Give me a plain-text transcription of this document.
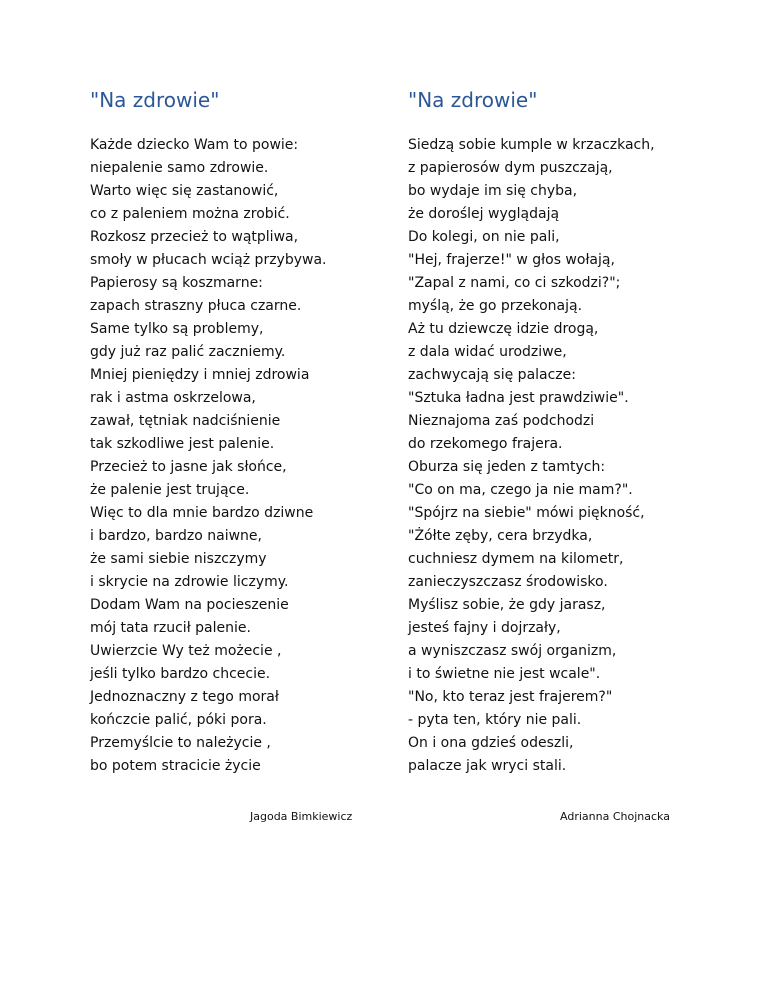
"Na zdrowie"
Każde dziecko Wam to powie:
niepalenie samo zdrowie.
Warto więc się zastanowić,
co z paleniem można zrobić.
Rozkosz przecież to wątpliwa,
smoły w płucach wciąż przybywa.
Papierosy są koszmarne:
zapach straszny płuca czarne.
Same tylko są problemy,
gdy już raz palić zaczniemy.
Mniej pieniędzy i mniej zdrowia
rak i astma oskrzelowa,
zawał, tętniak nadciśnienie
tak szkodliwe jest palenie.
Przecież to jasne jak słońce,
że palenie jest trujące.
Więc to dla mnie bardzo dziwne
i bardzo, bardzo naiwne,
że sami siebie niszczymy
i skrycie na zdrowie liczymy.
Dodam Wam na pocieszenie
mój tata rzucił palenie.
Uwierzcie Wy też możecie ,
jeśli tylko bardzo chcecie.
Jednoznaczny z tego morał
kończcie palić, póki pora.
Przemyślcie to należycie ,
bo potem stracicie życie
"Na zdrowie"
Siedzą sobie kumple w krzaczkach,
z papierosów dym puszczają,
bo wydaje im się chyba,
że doroślej wyglądają
Do kolegi, on nie pali,
"Hej, frajerze!" w głos wołają,
"Zapal z nami, co ci szkodzi?";
myślą, że go przekonają.
Aż tu dziewczę idzie drogą,
z dala widać urodziwe,
zachwycają się palacze:
"Sztuka ładna jest prawdziwie".
Nieznajoma zaś podchodzi
do rzekomego frajera.
Oburza się jeden z tamtych:
"Co on ma, czego ja nie mam?".
"Spójrz na siebie" mówi piękność,
"Żółte zęby, cera brzydka,
cuchniesz dymem na kilometr,
zanieczyszczasz środowisko.
Myślisz sobie, że gdy jarasz,
jesteś fajny i dojrzały,
a wyniszczasz swój organizm,
i to świetne nie jest wcale".
"No, kto teraz jest frajerem?"
- pyta ten, który nie pali.
On i ona gdzieś odeszli,
palacze jak wryci stali.
Jagoda Bimkiewicz	Adrianna Chojnacka
